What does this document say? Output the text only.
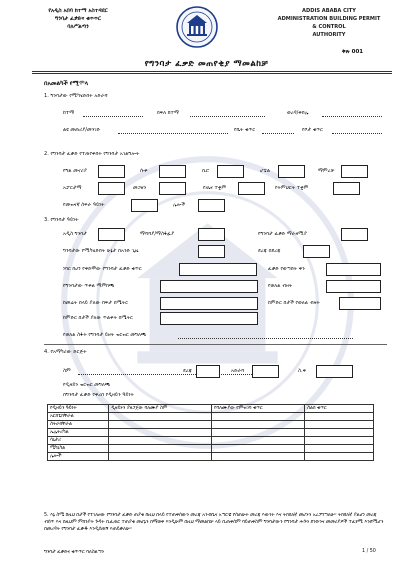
የአዲስ አበባ ከተማ አስተዳደር
ግንባታ ፈቃድና ቁጥጥር
ባለሥልጣን
ADDIS ABABA CITY
ADMINISTRATION BUILDING PERMIT & CONTROL
AUTHORITY
ቅጽ 001
የግንባታ ፈቃድ መጠየቂያ ማመልከቻ
በአመልካች የሚሞላ
1. ግንባታው የሚካሄድበት አድራሻ
ከተማ	ክፍለ ከተማ	ወረዳ/ቀበሌ
ልዩ መጠሪያ/መንገድ	የቤት ቁጥር	የቦታ ቁጥር
2. የግንባታ ፈቃድ የተጠየቀበት የግንባታ አገልግሎት
የግል መኖሪያ	ሱቅ	ቢሮ	ሆቴል	ማምረቻ
አፓርታማ	መጋዘን	የጤና ተቋም	የትምህርት ተቋም
የመዝናኛ ስፍራ ዓይነት	ሌሎች
3. የግንባታ ዓይነት
አዲስ ግንባታ	ማሻሻያ/ማስፋፊያ	የግንባታ ፈቃድ ማራዘሚያ
ግንባታው የሚካሄድበት ሁኔታ በአንድ ጊዜ	ደረጃ በደረጃ
ነባር ከሆነ የቀድሞው የግንባታ ፈቃድ ቁጥር	ፈቃድ የወጣበት ቀን
የግንባታው ጥቅል ማምከጫ	የወለል ብዛት
ከመሬት በላይ ያለው ከፍታ በሜትር	ከምድር በታች የወለል ብዛት
ከምድር በታች ያለው ጥልቀት በሜትር
የወለል ስፋት የግንባታ ይዘት ዝርዝር መግለጫ
4. የአማካሪው ድርጅት
ስም	ደረጃ	አድራሻ	ስ.ቀ
የዲዛይን ዝርዝር መግለጫ
በግንባታ ፈቃድ የቀረበ የዲዛይን ዓይነት
የዲዛይን ዓይነት	ዲዛይኑን ያዘጋጀው ባለሙያ ስም	የባለሙያው የምዝገባ ቁጥር	ስልክ ቁጥር
አርክቴክቸራል			
ስትራክቸራል			
ኤሌትሪካል			
ሳኒታሪ			
ሜካኒካል			
ሌሎች			
5. እኔ ስሜ ከዚህ በታች የተገለፀው የግንባታ ፈቃድ ጠያቂ ከዚህ በላይ የተጠቀሰውን መረጃ አንብቤና አጣርቼ የሰጠሁት መረጃ እውነት እና ትክክለኛ መሆኑን አረጋግጣለሁ። ትክክለኛ ያልሆነ መረጃ ብሰጥ እና በዚህም ምክንያት ጉዳት ቢፈጠር ተጠያቂ መሆኔን በማወቅ እንዲሁም በዚህ ማመልከቻ ላይ ቢጠቀሰም ባይጠቀስም ግንባታውን የግንባታ ሕጉን ደንቡንና መመሪያዎች ተፈፃሚ እንደሚሆን በመረዳት የግንባታ ፈቃዱ እንዲሰጠኝ እጠይቃለሁ።
ግንባታ ፈቃድና ቁጥጥር ባለስልጣን	1 / 50
